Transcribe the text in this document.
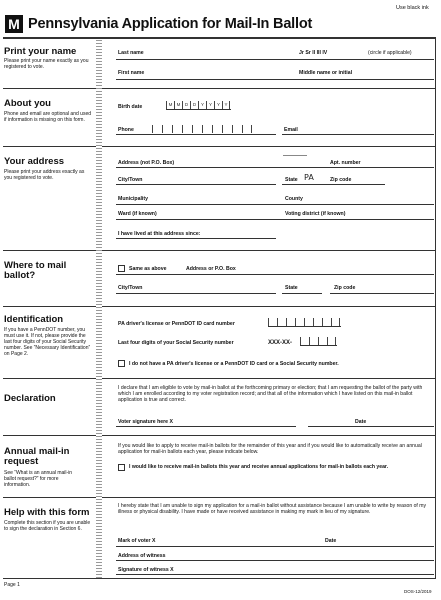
Use black ink
M Pennsylvania Application for Mail-In Ballot
Print your name
Please print your name exactly as you registered to vote.
Last name	Jr Sr II III IV	(circle if applicable)
First name	Middle name or initial
About you
Phone and email are optional and used if information is missing on this form.
Birth date	M M	D	D	Y	Y	Y Y
Phone	Email
Your address
Please print your address exactly as you registered to vote.
Address (not P.O. Box)	Apt. number
City/Town	State PA	Zip code
Municipality	County
Ward (if known)	Voting district (if known)
I have lived at this address since:
Where to mail ballot?
Same as above	Address or P.O. Box
City/Town	State	Zip code
Identification
If you have a PennDOT number, you must use it. If not, please provide the last four digits of your Social Security number. See “Necessary Identification” on Page 2.
PA driver's license or PennDOT ID card number
Last four digits of your Social Security number	XXX-XX-
I do not have a PA driver's license or a PennDOT ID card or a Social Security number.
Declaration
I declare that I am eligible to vote by mail-in ballot at the forthcoming primary or election; that I am requesting the ballot of the party with which I am enrolled according to my voter registration record; and that all of the information which I have listed on this mail-in ballot application is true and correct.
Voter signature here X	Date
Annual mail-in request
See “What is an annual mail-in ballot request?” for more information.
If you would like to apply to receive mail-in ballots for the remainder of this year and if you would like to automatically receive an annual application for mail-in ballots each year, please indicate below.
I would like to receive mail-in ballots this year and receive annual applications for mail-in ballots each year.
Help with this form
Complete this section if you are unable to sign the declaration in Section 6.
I hereby state that I am unable to sign my application for a mail-in ballot without assistance because I am unable to write by reason of my illness or physical disability. I have made or have received assistance in making my mark in lieu of my signature.
Mark of voter X	Date
Address of witness
Signature of witness X
Page 1
DOS-12/2019
